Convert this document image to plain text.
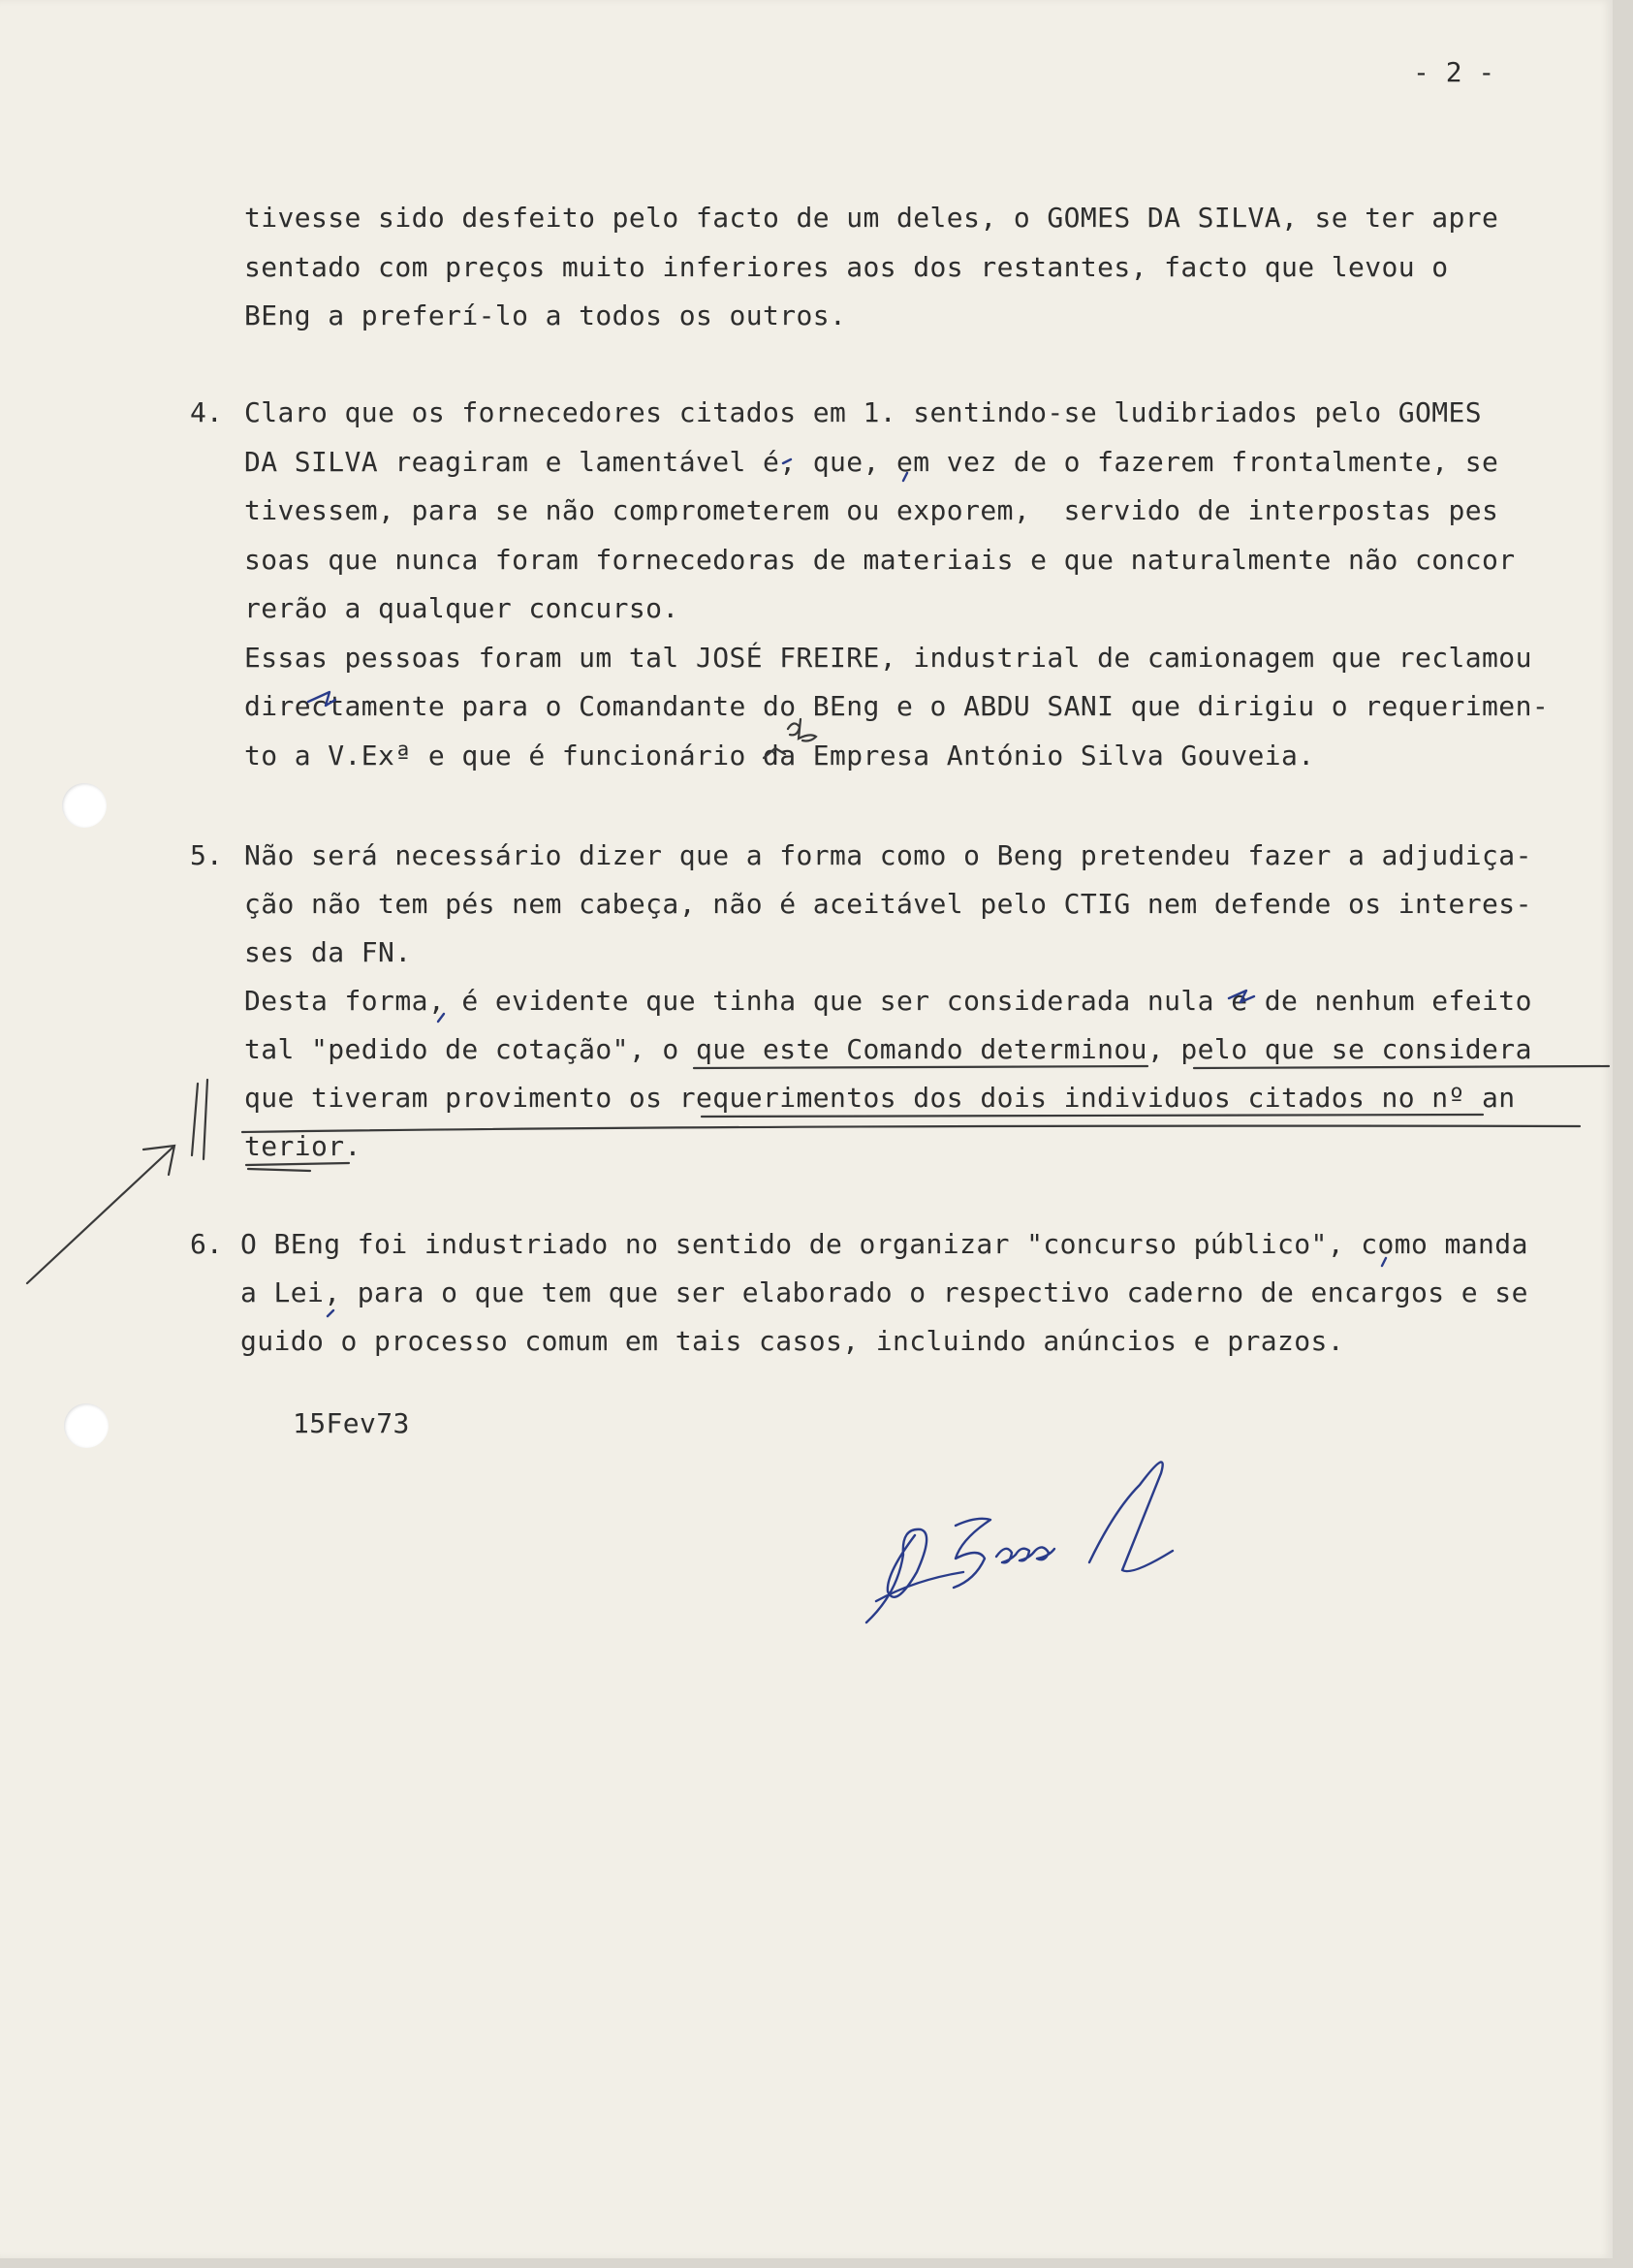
- 2 -
tivesse sido desfeito pelo facto de um deles, o GOMES DA SILVA, se ter apre
sentado com preços muito inferiores aos dos restantes, facto que levou o
BEng a preferí-lo a todos os outros.
4. Claro que os fornecedores citados em 1. sentindo-se ludibriados pelo GOMES
DA SILVA reagiram e lamentável é, que, em vez de o fazerem frontalmente, se
tivessem, para se não comprometerem ou exporem,  servido de interpostas pes
soas que nunca foram fornecedoras de materiais e que naturalmente não concor
rerão a qualquer concurso.
Essas pessoas foram um tal JOSÉ FREIRE, industrial de camionagem que reclamou
directamente para o Comandante do BEng e o ABDU SANI que dirigiu o requerimen-
to a V.Exª e que é funcionário da Empresa António Silva Gouveia.
5. Não será necessário dizer que a forma como o Beng pretendeu fazer a adjudiça-
ção não tem pés nem cabeça, não é aceitável pelo CTIG nem defende os interes-
ses da FN.
Desta forma, é evidente que tinha que ser considerada nula e de nenhum efeito
tal "pedido de cotação", o que este Comando determinou, pelo que se considera
que tiveram provimento os requerimentos dos dois individuos citados no nº an
terior.
6. O BEng foi industriado no sentido de organizar "concurso público", como manda
a Lei, para o que tem que ser elaborado o respectivo caderno de encargos e se
guido o processo comum em tais casos, incluindo anúncios e prazos.
15Fev73
